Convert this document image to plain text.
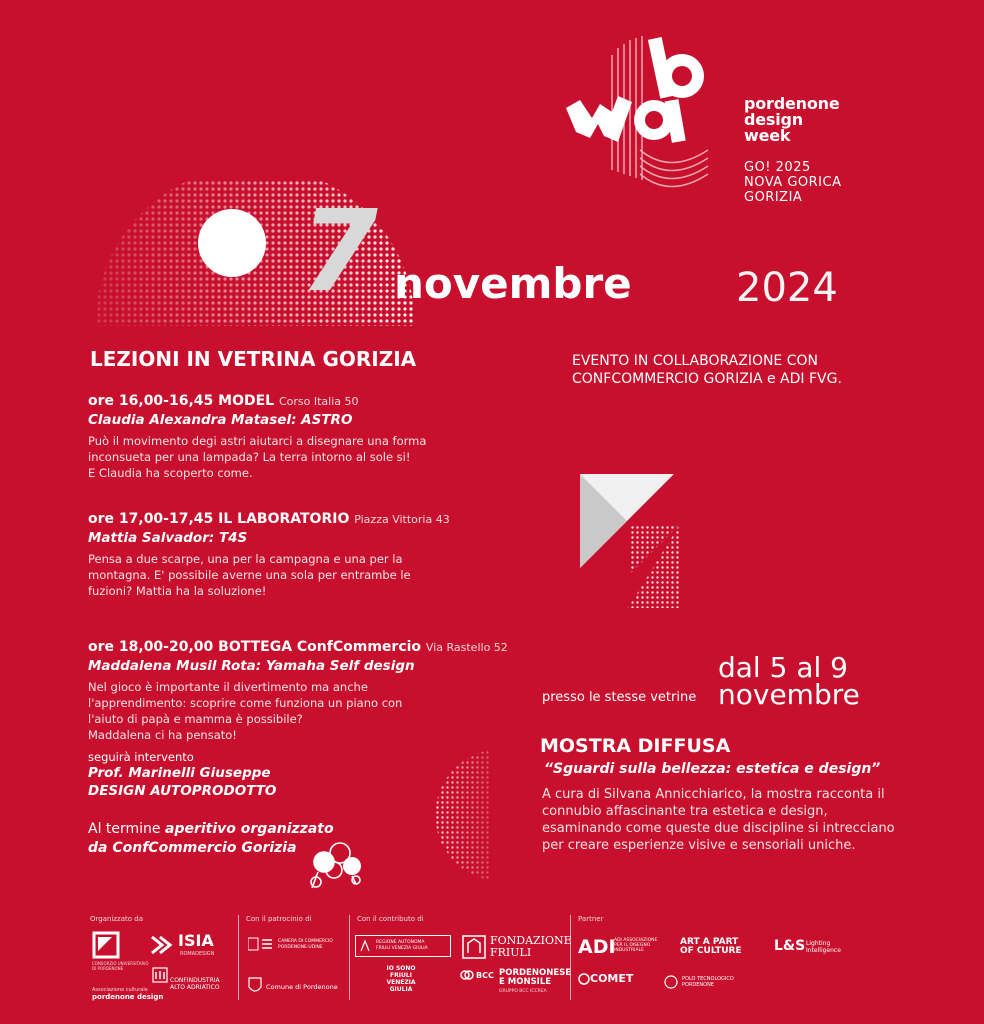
pordenone
design
week
GO! 2025
NOVA GORICA
GORIZIA
7 novembre	2024
EVENTO IN COLLABORAZIONE CON
CONFCOMMERCIO GORIZIA e ADI FVG.
LEZIONI IN VETRINA GORIZIA
ore 16,00-16,45 MODEL Corso Italia 50
Claudia Alexandra Matasel: ASTRO
Può il movimento degi astri aiutarci a disegnare una forma
inconsueta per una lampada? La terra intorno al sole si!
E Claudia ha scoperto come.
ore 17,00-17,45 IL LABORATORIO Piazza Vittoria 43
Mattia Salvador: T4S
Pensa a due scarpe, una per la campagna e una per la
montagna. E' possibile averne una sola per entrambe le
fuzioni? Mattia ha la soluzione!
ore 18,00-20,00 BOTTEGA ConfCommercio Via Rastello 52
Maddalena Musil Rota: Yamaha Self design
Nel gioco è importante il divertimento ma anche
l'apprendimento: scoprire come funziona un piano con
l'aiuto di papà e mamma è possibile?
Maddalena ci ha pensato!
seguirà intervento
Prof. Marinelli Giuseppe
DESIGN AUTOPRODOTTO
Al termine aperitivo organizzato
da ConfCommercio Gorizia
presso le stesse vetrine
dal 5 al 9
novembre
MOSTRA DIFFUSA
“Sguardi sulla bellezza: estetica e design”
A cura di Silvana Annicchiarico, la mostra racconta il connubio affascinante tra estetica e design, esaminando come queste due discipline si intrecciano per creare esperienze visive e sensoriali uniche.
Organizzato da	Con il patrocinio di	Con il contributo di	Partner
CONSORZIO UNIVERSITARIO DI PORDENONE
ISIA
ROMADESIGN
Associazione culturale
pordenone design
CONFINDUSTRIA
ALTO ADRIATICO
CAMERA DI COMMERCIO
PORDENONE-UDINE
Comune di Pordenone
REGIONE AUTONOMA
FRIULI VENEZIA GIULIA
IO SONO
FRIULI
VENEZIA
GIULIA
FONDAZIONE
FRIULI
BCC PORDENONESE
E MONSILE
GRUPPO BCC ICCREA
ADI
ADI ASSOCIAZIONE
PER IL DISEGNO
INDUSTRIALE
ART A PART
OF CULTURE L&S Lighting
Intelligence
COMET	POLO TECNOLOGICO
PORDENONE
